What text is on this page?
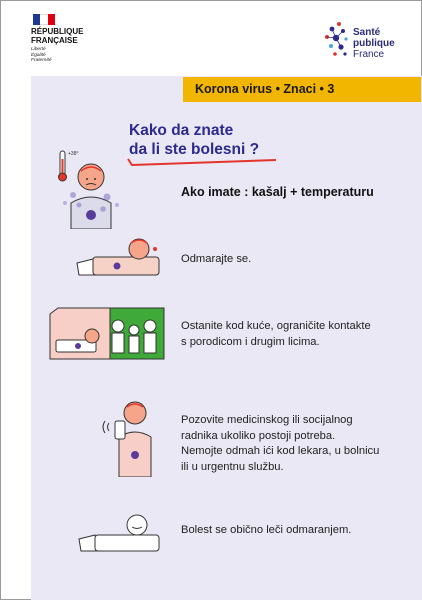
RÉPUBLIQUE
FRANÇAISE
Liberté
Égalité
Fraternité
Santé
publique
France
Korona virus • Znaci • 3
Kako da znate
da li ste bolesni ?
+38°
Ako imate : kašalj + temperaturu
Odmarajte se.
Ostanite kod kuće, ograničite kontakte
s porodicom i drugim licima.
Pozovite medicinskog ili socijalnog
radnika ukoliko postoji potreba.
Nemojte odmah ići kod lekara, u bolnicu
ili u urgentnu službu.
Bolest se obično leči odmaranjem.
